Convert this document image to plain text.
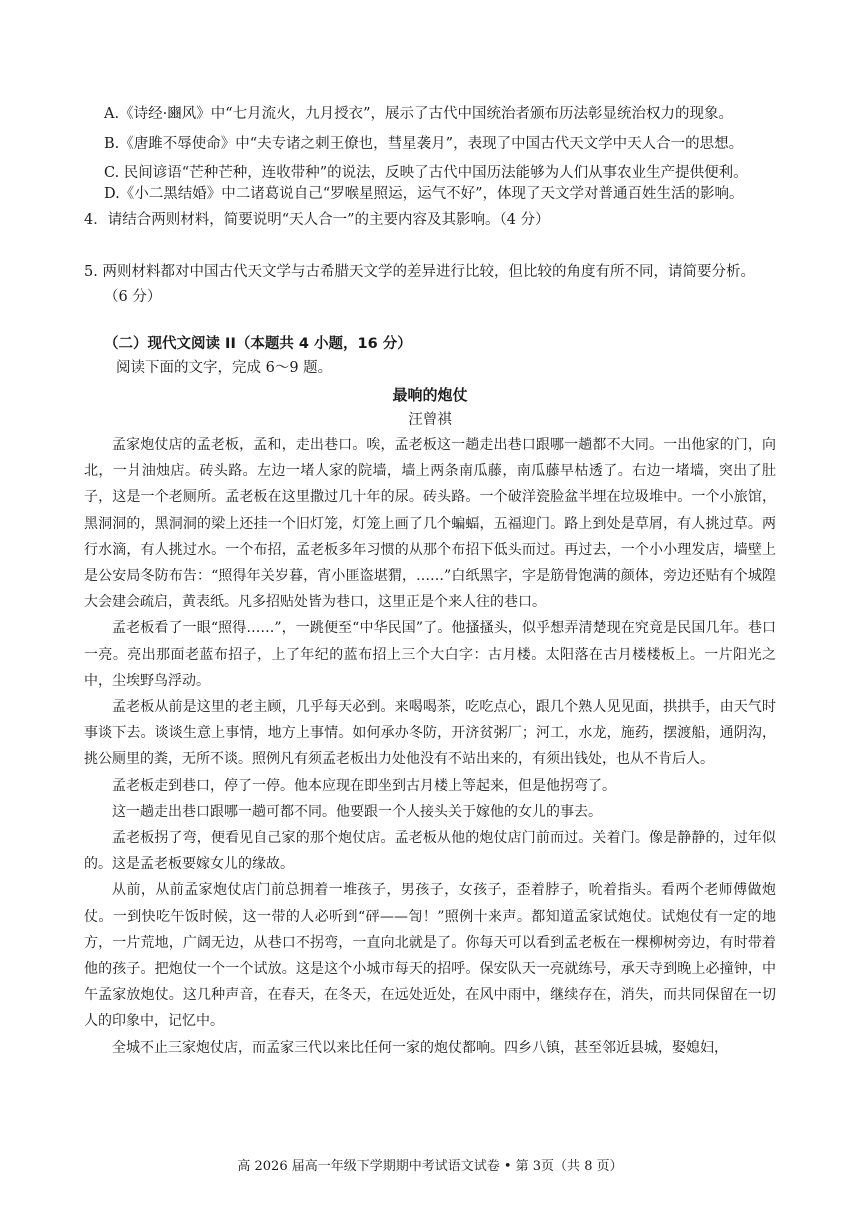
A.《诗经·豳风》中“七月流火，九月授衣”，展示了古代中国统治者颁布历法彰显统治权力的现象。
B.《唐雎不辱使命》中“夫专诸之刺王僚也，彗星袭月”，表现了中国古代天文学中天人合一的思想。
C. 民间谚语“芒种芒种，连收带种”的说法，反映了古代中国历法能够为人们从事农业生产提供便利。
D.《小二黑结婚》中二诸葛说自己“罗喉星照运，运气不好”，体现了天文学对普通百姓生活的影响。
4．请结合两则材料，简要说明“天人合一”的主要内容及其影响。（4 分）
5. 两则材料都对中国古代天文学与古希腊天文学的差异进行比较，但比较的角度有所不同，请简要分析。
（6 分）
（二）现代文阅读 II（本题共 4 小题，16 分）
阅读下面的文字，完成 6～9 题。
最响的炮仗
汪曾祺

孟家炮仗店的孟老板，孟和，走出巷口。唉，孟老板这一趟走出巷口跟哪一趟都不大同。一出他家的门，向北，一爿油烛店。砖头路。左边一堵人家的院墙，墙上两条南瓜藤，南瓜藤早枯透了。右边一堵墙，突出了肚子，这是一个老厕所。孟老板在这里撒过几十年的尿。砖头路。一个破洋瓷脸盆半埋在垃圾堆中。一个小旅馆，黑洞洞的，黑洞洞的梁上还挂一个旧灯笼，灯笼上画了几个蝙蝠，五福迎门。路上到处是草屑，有人挑过草。两行水滴，有人挑过水。一个布招，孟老板多年习惯的从那个布招下低头而过。再过去，一个小小理发店，墙壁上是公安局冬防布告：“照得年关岁暮，宵小匪盗堪猬，……”白纸黑字，字是筋骨饱满的颜体，旁边还贴有个城隍大会建会疏启，黄表纸。凡多招贴处皆为巷口，这里正是个来人往的巷口。

孟老板看了一眼“照得……”，一跳便至“中华民国”了。他搔搔头，似乎想弄清楚现在究竟是民国几年。巷口一亮。亮出那面老蓝布招子，上了年纪的蓝布招上三个大白字：古月楼。太阳落在古月楼楼板上。一片阳光之中，尘埃野鸟浮动。

孟老板从前是这里的老主顾，几乎每天必到。来喝喝茶，吃吃点心，跟几个熟人见见面，拱拱手，由天气时事谈下去。谈谈生意上事情，地方上事情。如何承办冬防，开济贫粥厂；河工，水龙，施药，摆渡船，通阴沟，挑公厕里的粪，无所不谈。照例凡有须孟老板出力处他没有不站出来的，有须出钱处，也从不肯后人。

孟老板走到巷口，停了一停。他本应现在即坐到古月楼上等起来，但是他拐弯了。

这一趟走出巷口跟哪一趟可都不同。他要跟一个人接头关于嫁他的女儿的事去。

孟老板拐了弯，便看见自己家的那个炮仗店。孟老板从他的炮仗店门前而过。关着门。像是静静的，过年似的。这是孟老板要嫁女儿的缘故。

从前，从前孟家炮仗店门前总拥着一堆孩子，男孩子，女孩子，歪着脖子，吮着指头。看两个老师傅做炮仗。一到快吃午饭时候，这一带的人必听到“砰——訇！”照例十来声。都知道孟家试炮仗。试炮仗有一定的地方，一片荒地，广阔无边，从巷口不拐弯，一直向北就是了。你每天可以看到孟老板在一棵柳树旁边，有时带着他的孩子。把炮仗一个一个试放。这是这个小城市每天的招呼。保安队天一亮就练号，承天寺到晚上必撞钟，中午孟家放炮仗。这几种声音，在春天，在冬天，在远处近处，在风中雨中，继续存在，消失，而共同保留在一切人的印象中，记忆中。

全城不止三家炮仗店，而孟家三代以来比任何一家的炮仗都响。四乡八镇，甚至邻近县城，娶媳妇，

高 2026 届高一年级下学期期中考试语文试卷 • 第 3页（共 8 页）
